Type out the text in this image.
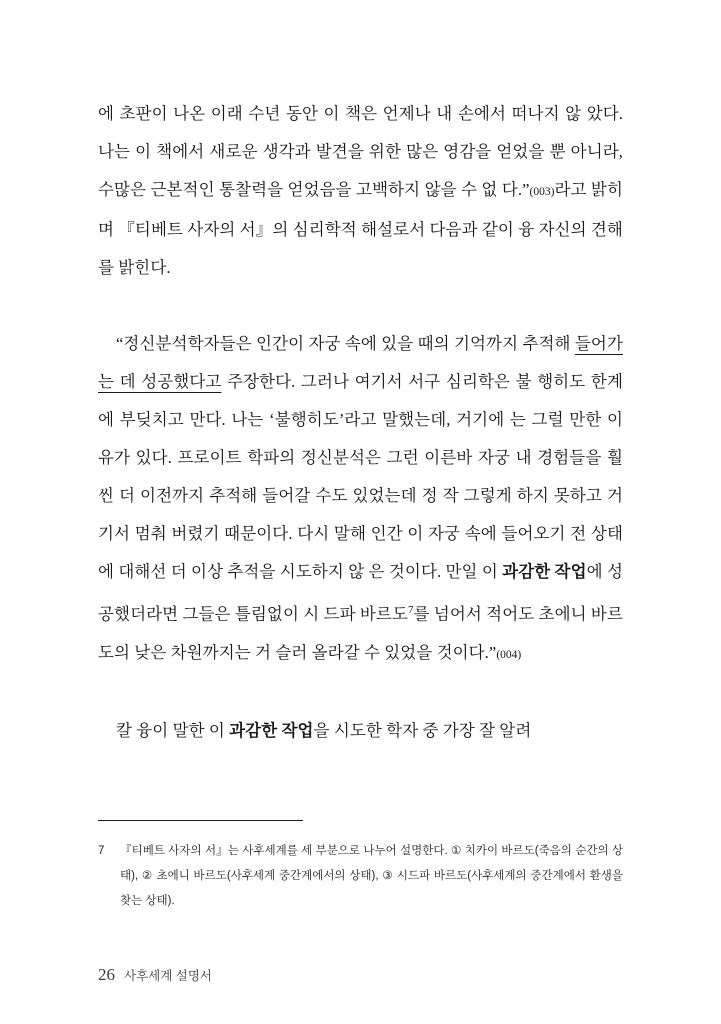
에 초판이 나온 이래 수년 동안 이 책은 언제나 내 손에서 떠나지 않 았다. 나는 이 책에서 새로운 생각과 발견을 위한 많은 영감을 얻었을 뿐 아니라, 수많은 근본적인 통찰력을 얻었음을 고백하지 않을 수 없 다.”(003)라고 밝히며 『티베트 사자의 서』의 심리학적 해설로서 다음과 같이 융 자신의 견해를 밝힌다.

“정신분석학자들은 인간이 자궁 속에 있을 때의 기억까지 추적해 들어가는 데 성공했다고 주장한다. 그러나 여기서 서구 심리학은 불 행히도 한계에 부딪치고 만다. 나는 ‘불행히도’라고 말했는데, 거기에 는 그럴 만한 이유가 있다. 프로이트 학파의 정신분석은 그런 이른바 자궁 내 경험들을 훨씬 더 이전까지 추적해 들어갈 수도 있었는데 정 작 그렇게 하지 못하고 거기서 멈춰 버렸기 때문이다. 다시 말해 인간 이 자궁 속에 들어오기 전 상태에 대해선 더 이상 추적을 시도하지 않 은 것이다. 만일 이 과감한 작업에 성공했더라면 그들은 틀림없이 시 드파 바르도$^7$를 넘어서 적어도 초에니 바르도의 낮은 차원까지는 거 슬러 올라갈 수 있었을 것이다.”(004)

칼 융이 말한 이 과감한 작업을 시도한 학자 중 가장 잘 알려

7	『티베트 사자의 서』는 사후세계를 세 부분으로 나누어 설명한다. ① 치카이 바르도(죽음의 순간의 상태), ② 초에니 바르도(사후세계 중간계에서의 상태), ③ 시드파 바르도(사후세계의 중간계에서 환생을 찾는 상태).
26 사후세계 설명서
